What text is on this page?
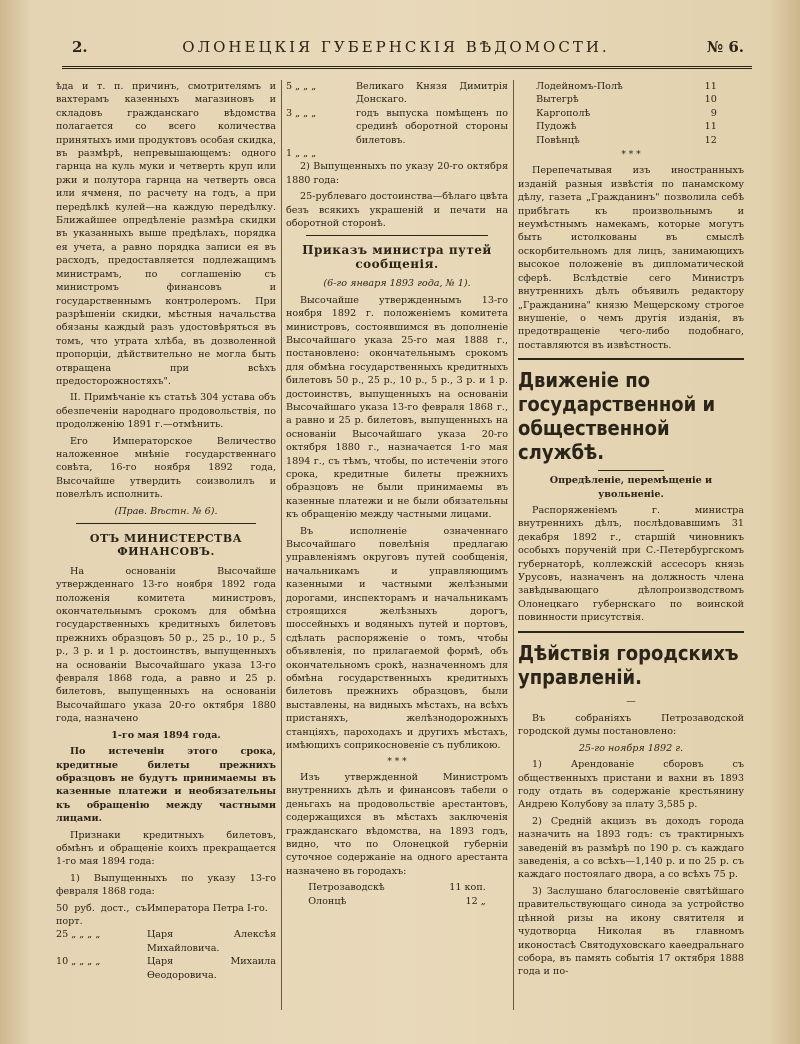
2.	ОЛОНЕЦКІЯ ГУБЕРНСКІЯ ВѢДОМОСТИ.	№ 6.

ѣда и т. п. причинъ, смотрителямъ и вахтерамъ казенныхъ магазиновъ и складовъ гражданскаго вѣдомства полагается со всего количества принятыхъ ими продуктовъ особая скидка, въ размѣрѣ, непревышающемъ: одного гарнца на куль муки и четверть круп или ржи и полутора гарнца на четверть овса или ячменя, по расчету на годъ, а при передѣлкѣ кулей—на каждую передѣлку. Ближайшее опредѣленіе размѣра скидки въ указанныхъ выше предѣлахъ, порядка ея учета, а равно порядка записи ея въ расходъ, предоставляется подлежащимъ министрамъ, по соглашенію съ министромъ финансовъ и государственнымъ контролеромъ. При разрѣшеніи скидки, мѣстныя начальства обязаны каждый разъ удостовѣряться въ томъ, что утрата хлѣба, въ дозволенной пропорціи, дѣйствительно не могла быть отвращена при всѣхъ предосторожностяхъ".

II. Примѣчаніе къ статьѣ 304 устава объ обезпеченіи народнаго продовольствія, по продолженію 1891 г.—отмѣнить.

Его Императорское Величество наложенное мнѣніе государственнаго совѣта, 16-го ноября 1892 года, Высочайше утвердить соизволилъ и повелѣлъ исполнить.

(Прав. Вѣстн. № 6).

ОТЪ МИНИСТЕРСТВА ФИНАНСОВЪ.

На основаніи Высочайше утвержденнаго 13-го ноября 1892 года положенія комитета министровъ, окончательнымъ срокомъ для обмѣна государственныхъ кредитныхъ билетовъ прежнихъ образцовъ 50 р., 25 р., 10 р., 5 р., 3 р. и 1 р. достоинствъ, выпущенныхъ на основаніи Высочайшаго указа 13-го февраля 1868 года, а равно и 25 р. билетовъ, выпущенныхъ на основаніи Высочайшаго указа 20-го октября 1880 года, назначено

1-го мая 1894 года.

По истеченіи этого срока, кредитные билеты прежнихъ образцовъ не будутъ принимаемы въ казенные платежи и необязательны къ обращенію между частными лицами.

Признаки кредитныхъ билетовъ, обмѣнъ и обращеніе коихъ прекращается 1-го мая 1894 года:

1) Выпущенныхъ по указу 13-го февраля 1868 года:

50 руб. дост., съ порт.	Императора Петра I-го.
25 „ „ „ „	Царя Алексѣя Михайловича.
10 „ „ „ „	Царя Михаила Ѳеодоровича.
5 „ „ „	Великаго Князя Димитрія Донскаго.
3 „ „ „	годъ выпуска помѣщенъ по срединѣ оборотной стороны билетовъ.
1 „ „ „	

2) Выпущенныхъ по указу 20-го октября 1880 года:

25-рублеваго достоинства—бѣлаго цвѣта безъ всякихъ украшеній и печати на оборотной сторонѣ.

Приказъ министра путей сообщенія.

(6-го января 1893 года, № 1).

Высочайше утвержденнымъ 13-го ноября 1892 г. положеніемъ комитета министровъ, состоявшимся въ дополненіе Высочайшаго указа 25-го мая 1888 г., постановлено: окончательнымъ срокомъ для обмѣна государственныхъ кредитныхъ билетовъ 50 р., 25 р., 10 р., 5 р., 3 р. и 1 р. достоинствъ, выпущенныхъ на основаніи Высочайшаго указа 13-го февраля 1868 г., а равно и 25 р. билетовъ, выпущенныхъ на основаніи Высочайшаго указа 20-го октября 1880 г., назначается 1-го мая 1894 г., съ тѣмъ, чтобы, по истеченіи этого срока, кредитные билеты прежнихъ образцовъ не были принимаемы въ казенные платежи и не были обязательны къ обращенію между частными лицами.

Въ исполненіе означеннаго Высочайшаго повелѣнія предлагаю управленіямъ округовъ путей сообщенія, начальникамъ и управляющимъ казенными и частными желѣзными дорогами, инспекторамъ и начальникамъ строящихся желѣзныхъ дорогъ, шоссейныхъ и водяныхъ путей и портовъ, сдѣлать распоряженіе о томъ, чтобы объявленія, по прилагаемой формѣ, объ окончательномъ срокѣ, назначенномъ для обмѣна государственныхъ кредитныхъ билетовъ прежнихъ образцовъ, были выставлены, на видныхъ мѣстахъ, на всѣхъ пристаняхъ, желѣзнодорожныхъ станціяхъ, пароходахъ и другихъ мѣстахъ, имѣющихъ соприкосновеніе съ публикою.

* * *

Изъ утвержденной Министромъ внутреннихъ дѣлъ и финансовъ табели о деньгахъ на продовольствіе арестантовъ, содержащихся въ мѣстахъ заключенія гражданскаго вѣдомства, на 1893 годъ, видно, что по Олонецкой губерніи суточное содержаніе на одного арестанта назначено въ городахъ:

Петрозаводскѣ	11 коп.
Олонцѣ	12 „
Лодейномъ-Полѣ	11
Вытегрѣ	10
Каргополѣ	9
Пудожѣ	11
Повѣнцѣ	12
* * *

Перепечатывая изъ иностранныхъ изданій разныя извѣстія по панамскому дѣлу, газета „Гражданинъ" позволила себѣ прибѣгать къ произвольнымъ и неумѣстнымъ намекамъ, которые могутъ быть истолкованы въ смыслѣ оскорбительномъ для лицъ, занимающихъ высокое положеніе въ дипломатической сферѣ. Вслѣдствіе сего Министръ внутреннихъ дѣлъ объявилъ редактору „Гражданина" князю Мещерскому строгое внушеніе, о чемъ другія изданія, въ предотвращеніе чего-либо подобнаго, поставляются въ извѣстность.

Движеніе по государственной и общественной службѣ.

Опредѣленіе, перемѣщеніе и увольненіе.

Распоряженіемъ г. министра внутреннихъ дѣлъ, послѣдовавшимъ 31 декабря 1892 г., старшій чиновникъ особыхъ порученій при С.-Петербургскомъ губернаторѣ, коллежскій ассесоръ князь Урусовъ, назначенъ на должность члена завѣдывающаго дѣлопроизводствомъ Олонецкаго губернскаго по воинской повинности присутствія.

Дѣйствія городскихъ управленій.
—

Въ собраніяхъ Петрозаводской городской думы постановлено:

25-го ноября 1892 г.

1) Арендованіе сборовъ съ общественныхъ пристани и вахни въ 1893 году отдать въ содержаніе крестьянину Андрею Колубову за плату 3,585 р.

2) Средній акцизъ въ доходъ города назначить на 1893 годъ: съ трактирныхъ заведеній въ размѣрѣ по 190 р. съ каждаго заведенія, а со всѣхъ—1,140 р. и по 25 р. съ каждаго постоялаго двора, а со всѣхъ 75 р.

3) Заслушано благословеніе святѣйшаго правительствующаго синода за устройство цѣнной ризы на икону святителя и чудотворца Николая въ главномъ иконостасѣ Святодуховскаго каѳедральнаго собора, въ память событія 17 октября 1888 года и по-
